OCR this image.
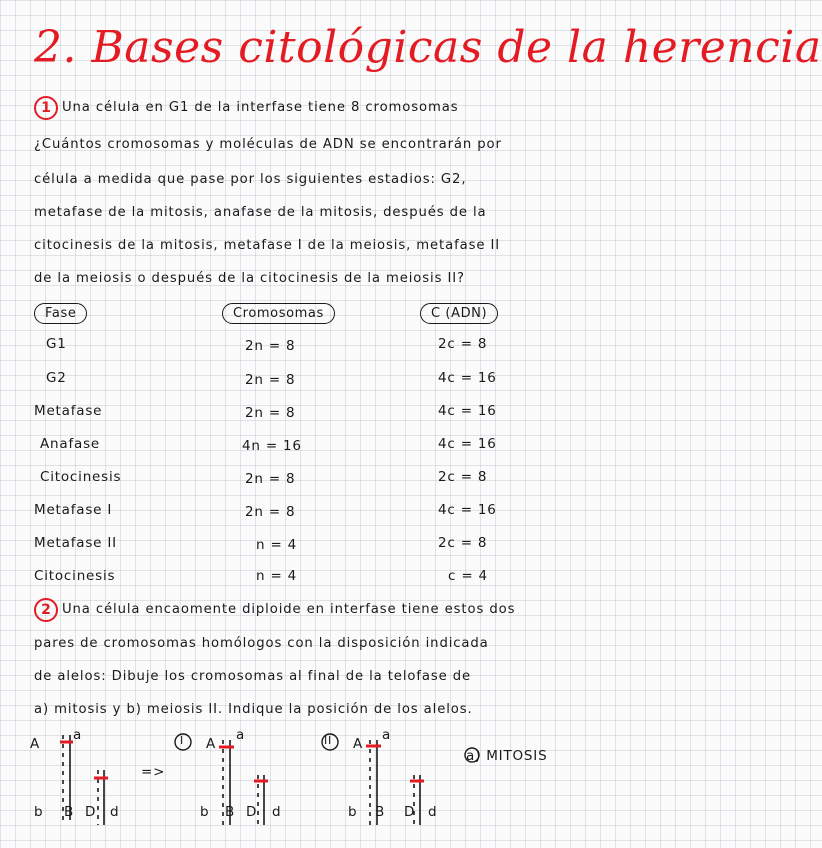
2. Bases citológicas de la herencia
1 Una célula en G1 de la interfase tiene 8 cromosomas
¿Cuántos cromosomas y moléculas de ADN se encontrarán por
célula a medida que pase por los siguientes estadios: G2,
metafase de la mitosis, anafase de la mitosis, después de la
citocinesis de la mitosis, metafase I de la meiosis, metafase II
de la meiosis o después de la citocinesis de la meiosis II?
Fase	Cromosomas	C (ADN)
G1	2n = 8	2c = 8
G2	2n = 8	4c = 16
Metafase	2n = 8	4c = 16
Anafase	4n = 16	4c = 16
Citocinesis	2n = 8	2c = 8
Metafase I	2n = 8	4c = 16
Metafase II	n = 4	2c = 8
Citocinesis	n = 4	c = 4
2 Una célula encaomente diploide en interfase tiene estos dos
pares de cromosomas homólogos con la disposición indicada
de alelos: Dibuje los cromosomas al final de la telofase de
a) mitosis y b) meiosis II. Indique la posición de los alelos.
A
a
b B D d
=>
I A
a
b B D d
II A
a
b B D d
a) MITOSIS
